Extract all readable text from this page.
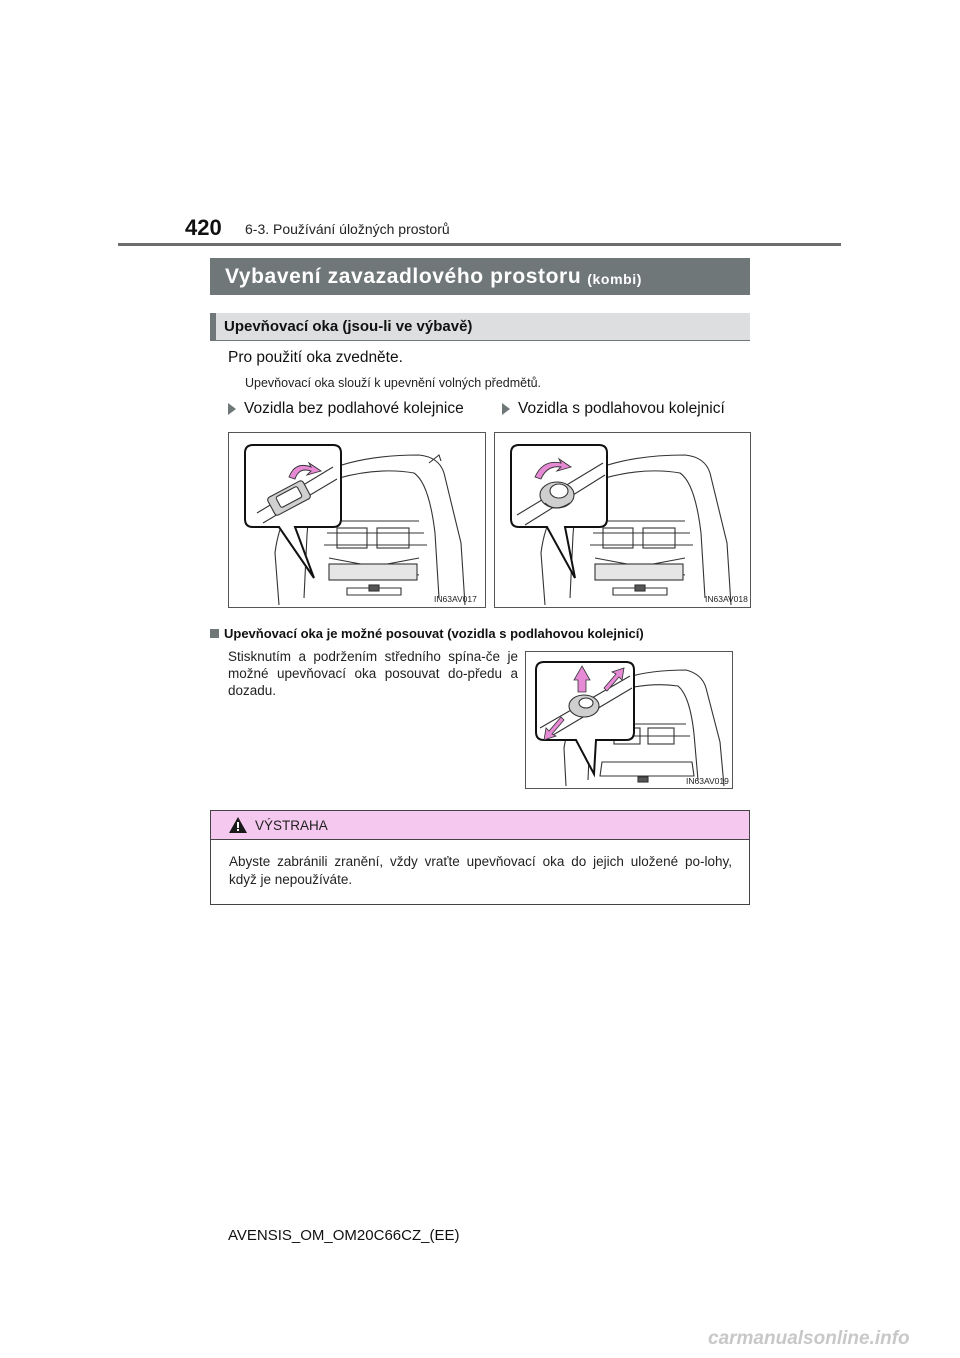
420 6-3. Používání úložných prostorů
Vybavení zavazadlového prostoru (kombi)
Upevňovací oka (jsou-li ve výbavě)
Pro použití oka zvedněte.
Upevňovací oka slouží k upevnění volných předmětů.
Vozidla bez podlahové kolejnice	Vozidla s podlahovou kolejnicí
IN63AV017	IN63AV018
Upevňovací oka je možné posouvat (vozidla s podlahovou kolejnicí)
Stisknutím a podržením středního spína-če je možné upevňovací oka posouvat do-předu a dozadu.
IN63AV019
VÝSTRAHA
Abyste zabránili zranění, vždy vraťte upevňovací oka do jejich uložené po-lohy, když je nepoužíváte.
AVENSIS_OM_OM20C66CZ_(EE)
carmanualsonline.info
